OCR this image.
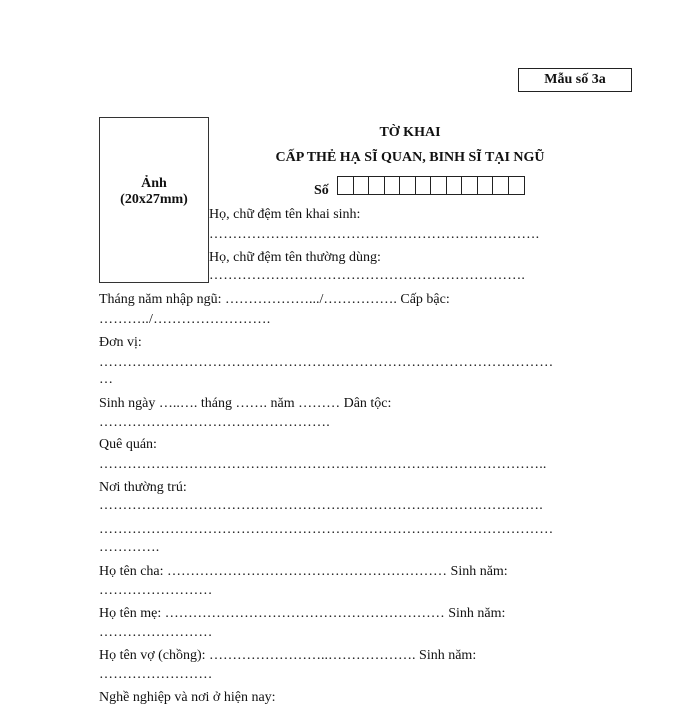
Mẫu số 3a
Ảnh
(20x27mm)
TỜ KHAI
CẤP THẺ HẠ SĨ QUAN, BINH SĨ TẠI NGŨ
Số
Họ, chữ đệm tên khai sinh:
…………………………………………………………….
Họ, chữ đệm tên thường dùng:
………………………………………………………….
Tháng năm nhập ngũ: ……………….../……………. Cấp bậc:
………../…………………….
Đơn vị:
……………………………………………………………………………………
…
Sinh ngày …..…. tháng ……. năm ……… Dân tộc:
………………………………………….
Quê quán:
…………………………………………………………………………………..
Nơi thường trú:
………………………………………………………………………………….
……………………………………………………………………………………
………….
Họ tên cha: …………………………………………………… Sinh năm:
……………………
Họ tên mẹ: …………………………………………………… Sinh năm:
……………………
Họ tên vợ (chồng): ……………………..………………. Sinh năm:
……………………
Nghề nghiệp và nơi ở hiện nay:
